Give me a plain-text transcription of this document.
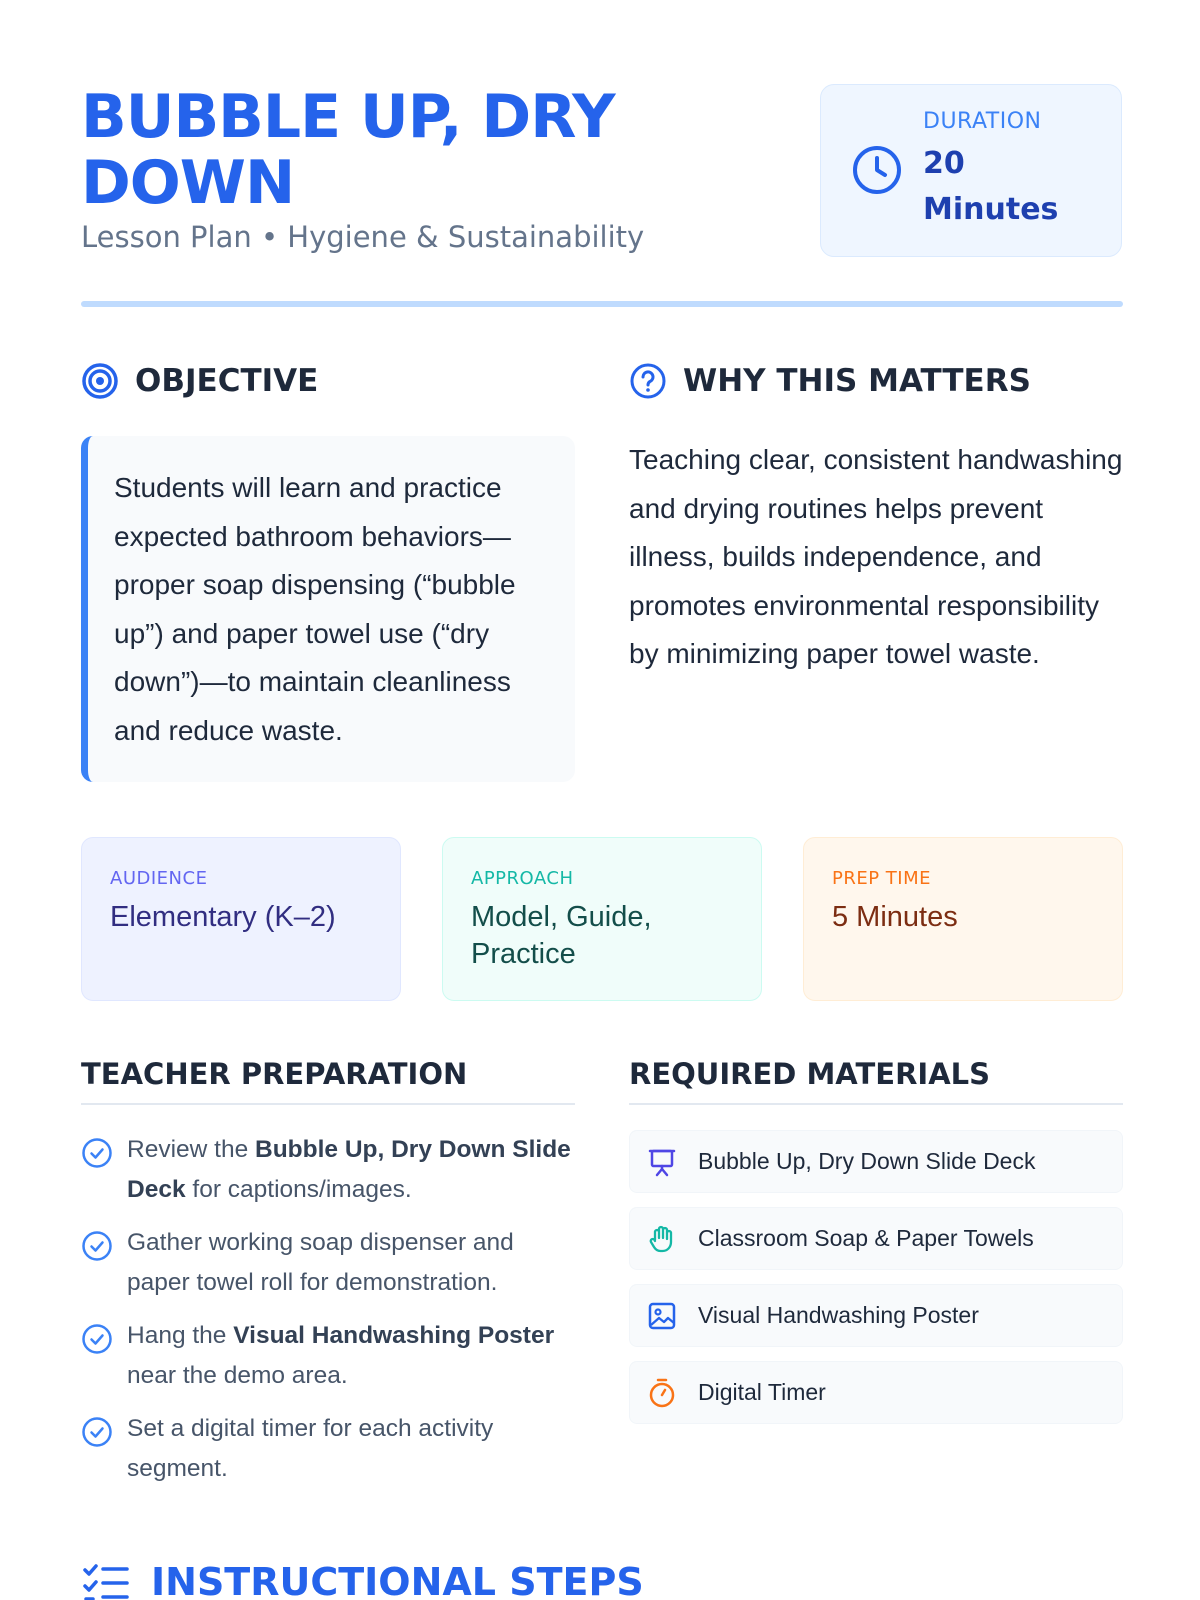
BUBBLE UP, DRY DOWN
Lesson Plan • Hygiene & Sustainability
DURATION
20 Minutes
OBJECTIVE

Students will learn and practice expected bathroom behaviors—proper soap dispensing (“bubble up”) and paper towel use (“dry down”)—to maintain cleanliness and reduce waste.

WHY THIS MATTERS
Teaching clear, consistent handwashing and drying routines helps prevent illness, builds independence, and promotes environmental responsibility by minimizing paper towel waste.
AUDIENCE
Elementary (K–2)
APPROACH
Model, Guide, Practice
PREP TIME
5 Minutes
TEACHER PREPARATION	REQUIRED MATERIALS
Review the Bubble Up, Dry Down Slide Deck for captions/images.
Gather working soap dispenser and paper towel roll for demonstration.
Hang the Visual Handwashing Poster near the demo area.
Set a digital timer for each activity segment.
Bubble Up, Dry Down Slide Deck
Classroom Soap & Paper Towels
Visual Handwashing Poster
Digital Timer
INSTRUCTIONAL STEPS
